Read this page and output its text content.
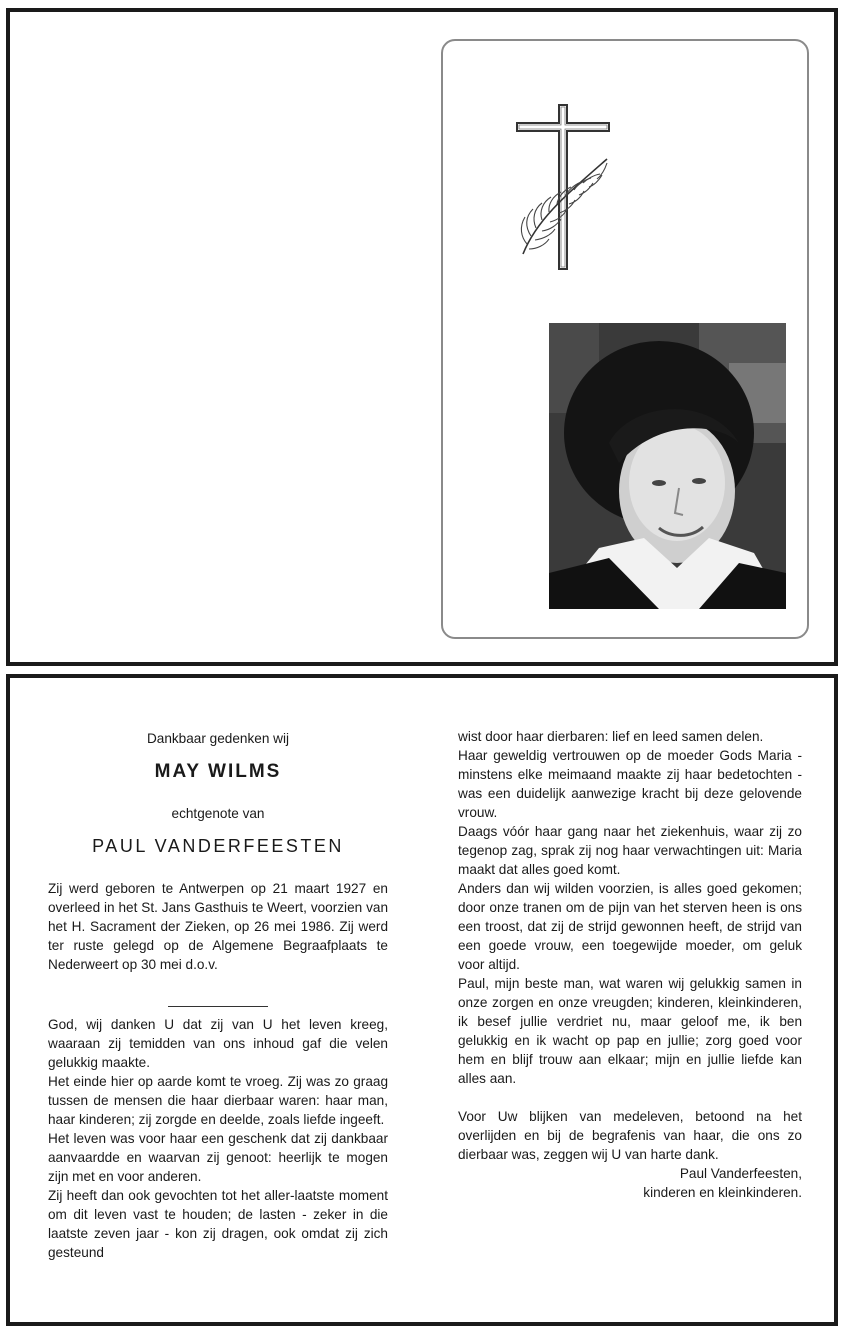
Dankbaar gedenken wij
MAY WILMS
echtgenote van
PAUL VANDERFEESTEN

Zij werd geboren te Antwerpen op 21 maart 1927 en overleed in het St. Jans Gasthuis te Weert, voorzien van het H. Sacrament der Zieken, op 26 mei 1986. Zij werd ter ruste gelegd op de Algemene Begraafplaats te Nederweert op 30 mei d.o.v.

God, wij danken U dat zij van U het leven kreeg, waaraan zij temidden van ons inhoud gaf die velen gelukkig maakte.

Het einde hier op aarde komt te vroeg. Zij was zo graag tussen de mensen die haar dierbaar waren: haar man, haar kinderen; zij zorgde en deelde, zoals liefde ingeeft.

Het leven was voor haar een geschenk dat zij dankbaar aanvaardde en waarvan zij genoot: heerlijk te mogen zijn met en voor anderen.

Zij heeft dan ook gevochten tot het aller-laatste moment om dit leven vast te houden; de lasten - zeker in die laatste zeven jaar - kon zij dragen, ook omdat zij zich gesteund

wist door haar dierbaren: lief en leed samen delen.

Haar geweldig vertrouwen op de moeder Gods Maria - minstens elke meimaand maakte zij haar bedetochten - was een duidelijk aanwezige kracht bij deze gelovende vrouw.

Daags vóór haar gang naar het ziekenhuis, waar zij zo tegenop zag, sprak zij nog haar verwachtingen uit: Maria maakt dat alles goed komt.

Anders dan wij wilden voorzien, is alles goed gekomen; door onze tranen om de pijn van het sterven heen is ons een troost, dat zij de strijd gewonnen heeft, de strijd van een goede vrouw, een toegewijde moeder, om geluk voor altijd.

Paul, mijn beste man, wat waren wij gelukkig samen in onze zorgen en onze vreugden; kinderen, kleinkinderen, ik besef jullie verdriet nu, maar geloof me, ik ben gelukkig en ik wacht op pap en jullie; zorg goed voor hem en blijf trouw aan elkaar; mijn en jullie liefde kan alles aan.

Voor Uw blijken van medeleven, betoond na het overlijden en bij de begrafenis van haar, die ons zo dierbaar was, zeggen wij U van harte dank.

Paul Vanderfeesten,

kinderen en kleinkinderen.
